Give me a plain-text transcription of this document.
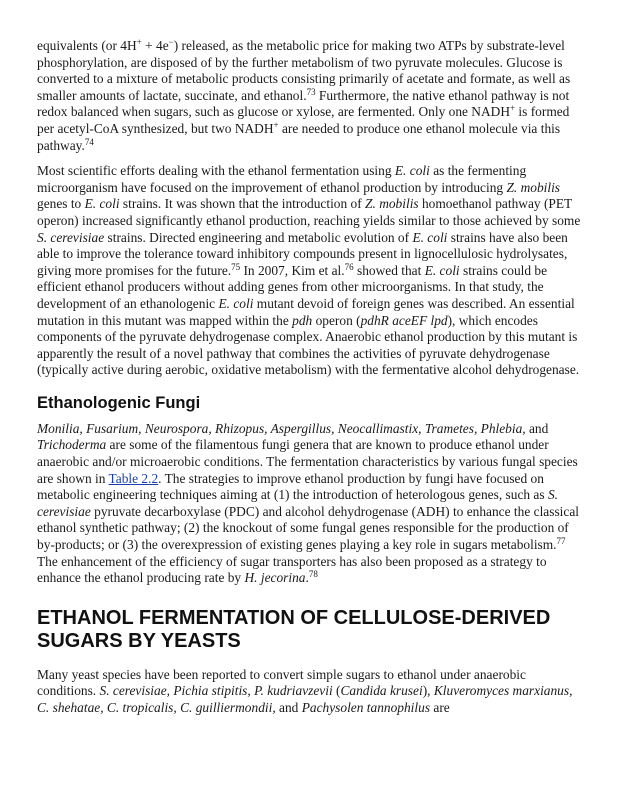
equivalents (or 4H+ + 4e−) released, as the metabolic price for making two ATPs by substrate-level phosphorylation, are disposed of by the further metabolism of two pyruvate molecules. Glucose is converted to a mixture of metabolic products consisting primarily of acetate and formate, as well as smaller amounts of lactate, succinate, and ethanol.$^{73}$ Furthermore, the native ethanol pathway is not redox balanced when sugars, such as glucose or xylose, are fermented. Only one NADH+ is formed per acetyl-CoA synthesized, but two NADH+ are needed to produce one ethanol molecule via this pathway.$^{74}$

Most scientific efforts dealing with the ethanol fermentation using E. coli as the fermenting microorganism have focused on the improvement of ethanol production by introducing Z. mobilis genes to E. coli strains. It was shown that the introduction of Z. mobilis homoethanol pathway (PET operon) increased significantly ethanol production, reaching yields similar to those achieved by some S. cerevisiae strains. Directed engineering and metabolic evolution of E. coli strains have also been able to improve the tolerance toward inhibitory compounds present in lignocellulosic hydrolysates, giving more promises for the future.$^{75}$ In 2007, Kim et al.$^{76}$ showed that E. coli strains could be efficient ethanol producers without adding genes from other microorganisms. In that study, the development of an ethanologenic E. coli mutant devoid of foreign genes was described. An essential mutation in this mutant was mapped within the pdh operon (pdhR aceEF lpd), which encodes components of the pyruvate dehydrogenase complex. Anaerobic ethanol production by this mutant is apparently the result of a novel pathway that combines the activities of pyruvate dehydrogenase (typically active during aerobic, oxidative metabolism) with the fermentative alcohol dehydrogenase.

Ethanologenic Fungi

Monilia, Fusarium, Neurospora, Rhizopus, Aspergillus, Neocallimastix, Trametes, Phlebia, and Trichoderma are some of the filamentous fungi genera that are known to produce ethanol under anaerobic and/or microaerobic conditions. The fermentation characteristics by various fungal species are shown in Table 2.2. The strategies to improve ethanol production by fungi have focused on metabolic engineering techniques aiming at (1) the introduction of heterologous genes, such as S. cerevisiae pyruvate decarboxylase (PDC) and alcohol dehydrogenase (ADH) to enhance the classical ethanol synthetic pathway; (2) the knockout of some fungal genes responsible for the production of by-products; or (3) the overexpression of existing genes playing a key role in sugars metabolism.$^{77}$ The enhancement of the efficiency of sugar transporters has also been proposed as a strategy to enhance the ethanol producing rate by H. jecorina.$^{78}$

ETHANOL FERMENTATION OF CELLULOSE-DERIVED SUGARS BY YEASTS

Many yeast species have been reported to convert simple sugars to ethanol under anaerobic conditions. S. cerevisiae, Pichia stipitis, P. kudriavzevii (Candida krusei), Kluveromyces marxianus, C. shehatae, C. tropicalis, C. guilliermondii, and Pachysolen tannophilus are
